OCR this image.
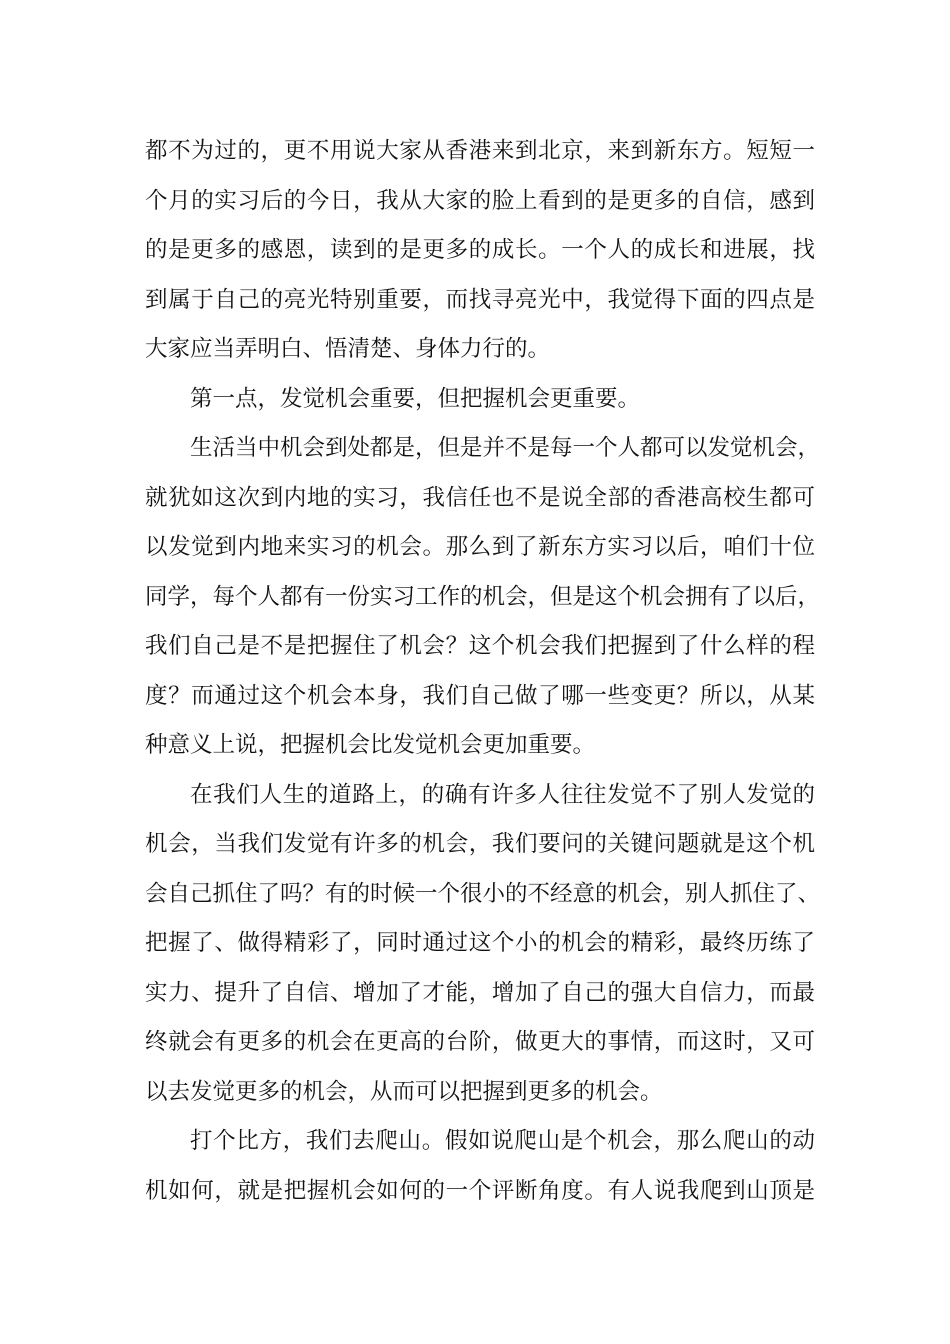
都不为过的，更不用说大家从香港来到北京，来到新东方。短短一
个月的实习后的今日，我从大家的脸上看到的是更多的自信，感到
的是更多的感恩，读到的是更多的成长。一个人的成长和进展，找
到属于自己的亮光特别重要，而找寻亮光中，我觉得下面的四点是
大家应当弄明白、悟清楚、身体力行的。
第一点，发觉机会重要，但把握机会更重要。
生活当中机会到处都是，但是并不是每一个人都可以发觉机会，
就犹如这次到内地的实习，我信任也不是说全部的香港高校生都可
以发觉到内地来实习的机会。那么到了新东方实习以后，咱们十位
同学，每个人都有一份实习工作的机会，但是这个机会拥有了以后，
我们自己是不是把握住了机会？这个机会我们把握到了什么样的程
度？而通过这个机会本身，我们自己做了哪一些变更？所以，从某
种意义上说，把握机会比发觉机会更加重要。
在我们人生的道路上，的确有许多人往往发觉不了别人发觉的
机会，当我们发觉有许多的机会，我们要问的关键问题就是这个机
会自己抓住了吗？有的时候一个很小的不经意的机会，别人抓住了、
把握了、做得精彩了，同时通过这个小的机会的精彩，最终历练了
实力、提升了自信、增加了才能，增加了自己的强大自信力，而最
终就会有更多的机会在更高的台阶，做更大的事情，而这时，又可
以去发觉更多的机会，从而可以把握到更多的机会。
打个比方，我们去爬山。假如说爬山是个机会，那么爬山的动
机如何，就是把握机会如何的一个评断角度。有人说我爬到山顶是
